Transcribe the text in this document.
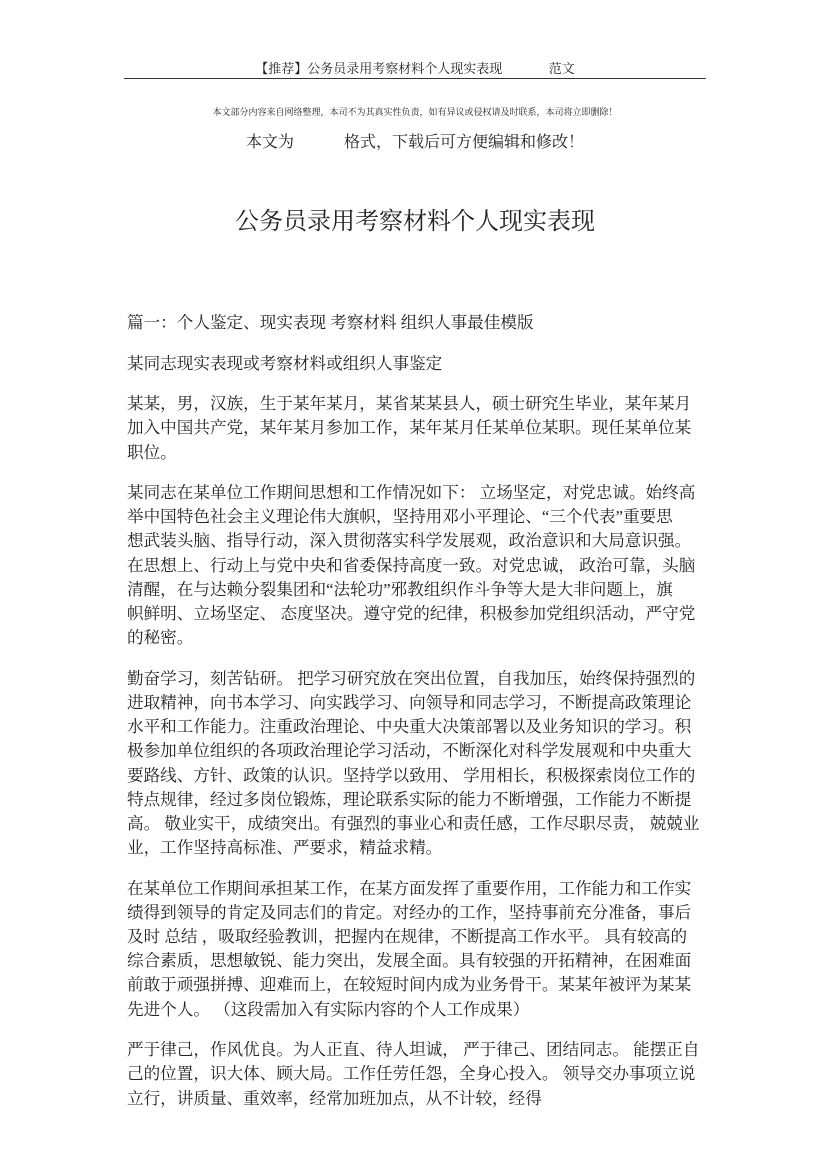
【推荐】公务员录用考察材料个人现实表现	范文
本文部分内容来自网络整理，本司不为其真实性负责，如有异议或侵权请及时联系，本司将立即删除！
本文为	格式，下载后可方便编辑和修改！
公务员录用考察材料个人现实表现
篇一：个人鉴定、现实表现 考察材料 组织人事最佳模版
某同志现实表现或考察材料或组织人事鉴定
某某，男，汉族，生于某年某月，某省某某县人，硕士研究生毕业，某年某月
加入中国共产党，某年某月参加工作，某年某月任某单位某职。现任某单位某
职位。
某同志在某单位工作期间思想和工作情况如下： 立场坚定，对党忠诚。始终高
举中国特色社会主义理论伟大旗帜，坚持用邓小平理论、“三个代表”重要思
想武装头脑、指导行动，深入贯彻落实科学发展观，政治意识和大局意识强。
在思想上、行动上与党中央和省委保持高度一致。对党忠诚， 政治可靠，头脑
清醒，在与达赖分裂集团和“法轮功”邪教组织作斗争等大是大非问题上，旗
帜鲜明、立场坚定、 态度坚决。遵守党的纪律，积极参加党组织活动，严守党
的秘密。
勤奋学习，刻苦钻研。 把学习研究放在突出位置，自我加压，始终保持强烈的
进取精神，向书本学习、向实践学习、向领导和同志学习，不断提高政策理论
水平和工作能力。注重政治理论、中央重大决策部署以及业务知识的学习。积
极参加单位组织的各项政治理论学习活动，不断深化对科学发展观和中央重大
要路线、方针、政策的认识。坚持学以致用、 学用相长，积极探索岗位工作的
特点规律，经过多岗位锻炼，理论联系实际的能力不断增强，工作能力不断提
高。 敬业实干，成绩突出。有强烈的事业心和责任感，工作尽职尽责， 兢兢业
业，工作坚持高标准、严要求，精益求精。
在某单位工作期间承担某工作，在某方面发挥了重要作用，工作能力和工作实
绩得到领导的肯定及同志们的肯定。对经办的工作，坚持事前充分准备，事后
及时 总结 ，吸取经验教训，把握内在规律，不断提高工作水平。 具有较高的
综合素质，思想敏锐、能力突出，发展全面。具有较强的开拓精神，在困难面
前敢于顽强拼搏、迎难而上，在较短时间内成为业务骨干。某某年被评为某某
先进个人。 （这段需加入有实际内容的个人工作成果）
严于律己，作风优良。为人正直、待人坦诚， 严于律己、团结同志。 能摆正自
己的位置，识大体、顾大局。工作任劳任怨，全身心投入。 领导交办事项立说
立行，讲质量、重效率，经常加班加点，从不计较，经得
